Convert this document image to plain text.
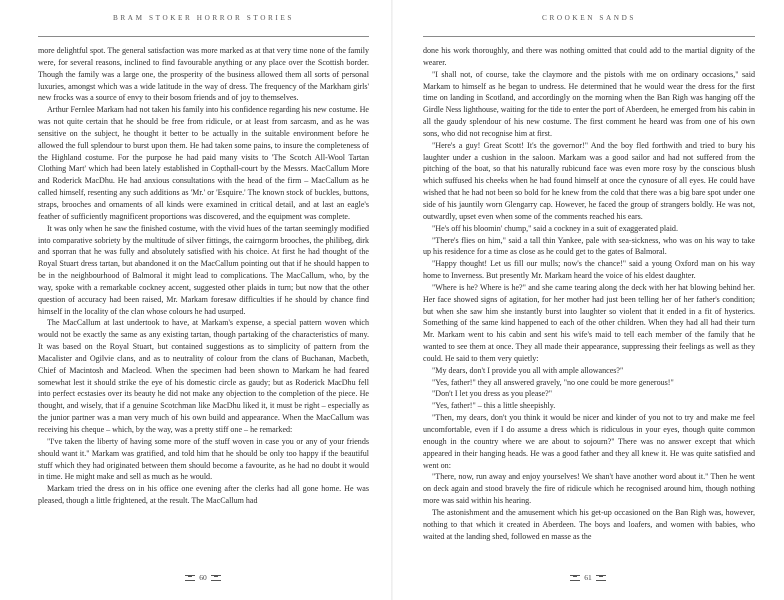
BRAM STOKER HORROR STORIES

more delightful spot. The general satisfaction was more marked as at that very time none of the family were, for several reasons, inclined to find favourable anything or any place over the Scottish border. Though the family was a large one, the prosperity of the business allowed them all sorts of personal luxuries, amongst which was a wide latitude in the way of dress. The frequency of the Markham girls' new frocks was a source of envy to their bosom friends and of joy to themselves.

Arthur Fernlee Markam had not taken his family into his confidence regarding his new costume. He was not quite certain that he should be free from ridicule, or at least from sarcasm, and as he was sensitive on the subject, he thought it better to be actually in the suitable environment before he allowed the full splendour to burst upon them. He had taken some pains, to insure the completeness of the Highland costume. For the purpose he had paid many visits to 'The Scotch All-Wool Tartan Clothing Mart' which had been lately established in Copthall-court by the Messrs. MacCallum More and Roderick MacDhu. He had anxious consultations with the head of the firm – MacCallum as he called himself, resenting any such additions as 'Mr.' or 'Esquire.' The known stock of buckles, buttons, straps, brooches and ornaments of all kinds were examined in critical detail, and at last an eagle's feather of sufficiently magnificent proportions was discovered, and the equipment was complete.

It was only when he saw the finished costume, with the vivid hues of the tartan seemingly modified into comparative sobriety by the multitude of silver fittings, the cairngorm brooches, the philibeg, dirk and sporran that he was fully and absolutely satisfied with his choice. At first he had thought of the Royal Stuart dress tartan, but abandoned it on the MacCallum pointing out that if he should happen to be in the neighbourhood of Balmoral it might lead to complications. The MacCallum, who, by the way, spoke with a remarkable cockney accent, suggested other plaids in turn; but now that the other question of accuracy had been raised, Mr. Markam foresaw difficulties if he should by chance find himself in the locality of the clan whose colours he had usurped.

The MacCallum at last undertook to have, at Markam's expense, a special pattern woven which would not be exactly the same as any existing tartan, though partaking of the characteristics of many. It was based on the Royal Stuart, but contained suggestions as to simplicity of pattern from the Macalister and Ogilvie clans, and as to neutrality of colour from the clans of Buchanan, Macbeth, Chief of Macintosh and Macleod. When the specimen had been shown to Markam he had feared somewhat lest it should strike the eye of his domestic circle as gaudy; but as Roderick MacDhu fell into perfect ecstasies over its beauty he did not make any objection to the completion of the piece. He thought, and wisely, that if a genuine Scotchman like MacDhu liked it, it must be right – especially as the junior partner was a man very much of his own build and appearance. When the MacCallum was receiving his cheque – which, by the way, was a pretty stiff one – he remarked:

"I've taken the liberty of having some more of the stuff woven in case you or any of your friends should want it." Markam was gratified, and told him that he should be only too happy if the beautiful stuff which they had originated between them should become a favourite, as he had no doubt it would in time. He might make and sell as much as he would.

Markam tried the dress on in his office one evening after the clerks had all gone home. He was pleased, though a little frightened, at the result. The MacCallum had

60
CROOKEN SANDS

done his work thoroughly, and there was nothing omitted that could add to the martial dignity of the wearer.

"I shall not, of course, take the claymore and the pistols with me on ordinary occasions," said Markam to himself as he began to undress. He determined that he would wear the dress for the first time on landing in Scotland, and accordingly on the morning when the Ban Righ was hanging off the Girdle Ness lighthouse, waiting for the tide to enter the port of Aberdeen, he emerged from his cabin in all the gaudy splendour of his new costume. The first comment he heard was from one of his own sons, who did not recognise him at first.

"Here's a guy! Great Scott! It's the governor!" And the boy fled forthwith and tried to bury his laughter under a cushion in the saloon. Markam was a good sailor and had not suffered from the pitching of the boat, so that his naturally rubicund face was even more rosy by the conscious blush which suffused his cheeks when he had found himself at once the cynosure of all eyes. He could have wished that he had not been so bold for he knew from the cold that there was a big bare spot under one side of his jauntily worn Glengarry cap. However, he faced the group of strangers boldly. He was not, outwardly, upset even when some of the comments reached his ears.

"He's off his bloomin' chump," said a cockney in a suit of exaggerated plaid.

"There's flies on him," said a tall thin Yankee, pale with sea-sickness, who was on his way to take up his residence for a time as close as he could get to the gates of Balmoral.

"Happy thought! Let us fill our mulls; now's the chance!" said a young Oxford man on his way home to Inverness. But presently Mr. Markam heard the voice of his eldest daughter.

"Where is he? Where is he?" and she came tearing along the deck with her hat blowing behind her. Her face showed signs of agitation, for her mother had just been telling her of her father's condition; but when she saw him she instantly burst into laughter so violent that it ended in a fit of hysterics. Something of the same kind happened to each of the other children. When they had all had their turn Mr. Markam went to his cabin and sent his wife's maid to tell each member of the family that he wanted to see them at once. They all made their appearance, suppressing their feelings as well as they could. He said to them very quietly:

"My dears, don't I provide you all with ample allowances?"

"Yes, father!" they all answered gravely, "no one could be more generous!"

"Don't I let you dress as you please?"

"Yes, father!" – this a little sheepishly.

"Then, my dears, don't you think it would be nicer and kinder of you not to try and make me feel uncomfortable, even if I do assume a dress which is ridiculous in your eyes, though quite common enough in the country where we are about to sojourn?" There was no answer except that which appeared in their hanging heads. He was a good father and they all knew it. He was quite satisfied and went on:

"There, now, run away and enjoy yourselves! We shan't have another word about it." Then he went on deck again and stood bravely the fire of ridicule which he recognised around him, though nothing more was said within his hearing.

The astonishment and the amusement which his get-up occasioned on the Ban Righ was, however, nothing to that which it created in Aberdeen. The boys and loafers, and women with babies, who waited at the landing shed, followed en masse as the

61
